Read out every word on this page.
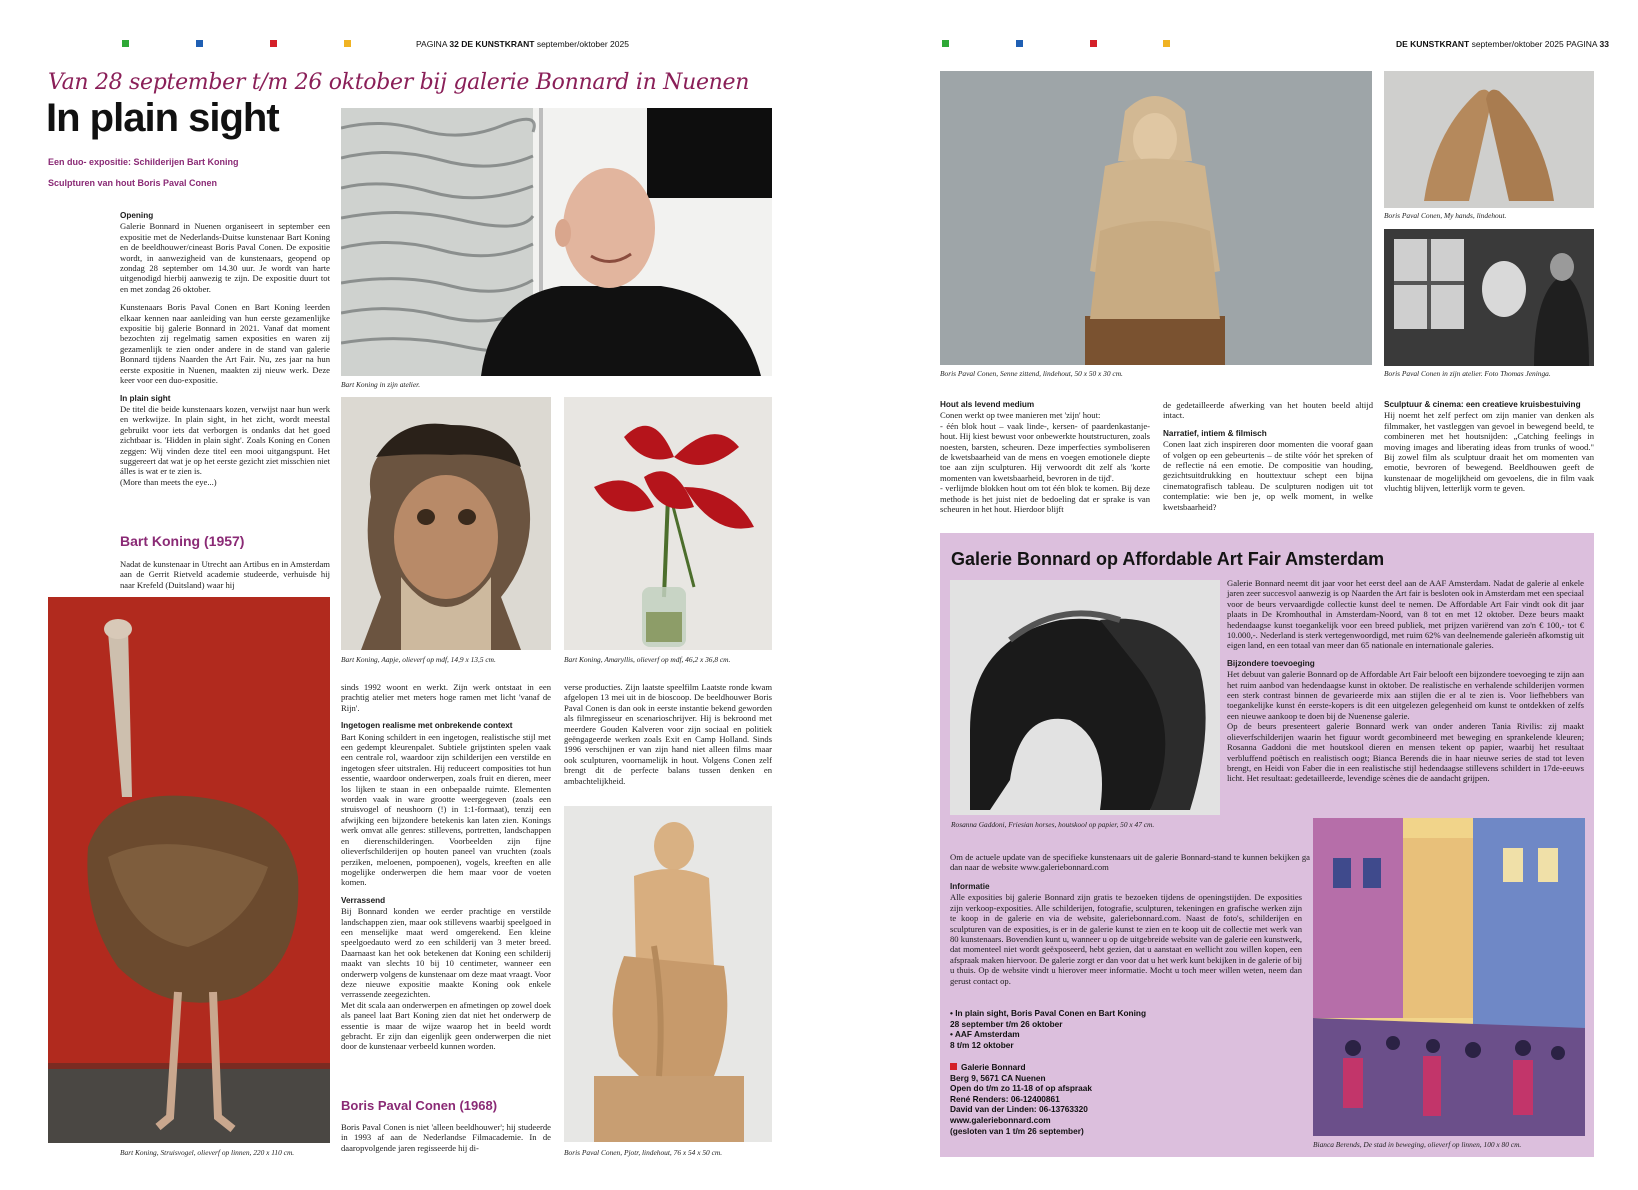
PAGINA 32 DE KUNSTKRANT september/oktober 2025
Van 28 september t/m 26 oktober bij galerie Bonnard in Nuenen
In plain sight
Een duo- expositie: Schilderijen Bart Koning
Sculpturen van hout Boris Paval Conen
Opening

Galerie Bonnard in Nuenen organiseert in september een expositie met de Nederlands-Duitse kunstenaar Bart Koning en de beeldhouwer/cineast Boris Paval Conen. De expositie wordt, in aanwezigheid van de kunstenaars, geopend op zondag 28 september om 14.30 uur. Je wordt van harte uitgenodigd hierbij aanwezig te zijn. De expositie duurt tot en met zondag 26 oktober.

Kunstenaars Boris Paval Conen en Bart Koning leerden elkaar kennen naar aanleiding van hun eerste gezamenlijke expositie bij galerie Bonnard in 2021. Vanaf dat moment bezochten zij regelmatig samen exposities en waren zij gezamenlijk te zien onder andere in de stand van galerie Bonnard tijdens Naarden the Art Fair. Nu, zes jaar na hun eerste expositie in Nuenen, maakten zij nieuw werk. Deze keer voor een duo-expositie.

In plain sight

De titel die beide kunstenaars kozen, verwijst naar hun werk en werkwijze. In plain sight, in het zicht, wordt meestal gebruikt voor iets dat verborgen is ondanks dat het goed zichtbaar is. 'Hidden in plain sight'. Zoals Koning en Conen zeggen: Wij vinden deze titel een mooi uitgangspunt. Het suggereert dat wat je op het eerste gezicht ziet misschien niet álles is wat er te zien is.

(More than meets the eye...)

Bart Koning (1957)
Nadat de kunstenaar in Utrecht aan Artibus en in Amsterdam aan de Gerrit Rietveld academie studeerde, verhuisde hij naar Krefeld (Duitsland) waar hij
Bart Koning in zijn atelier.
Bart Koning, Aapje, olieverf op mdf, 14,9 x 13,5 cm.	Bart Koning, Amaryllis, olieverf op mdf, 46,2 x 36,8 cm.
Bart Koning, Struisvogel, olieverf op linnen, 220 x 110 cm.

sinds 1992 woont en werkt. Zijn werk ontstaat in een prachtig atelier met meters hoge ramen met licht 'vanaf de Rijn'.

Ingetogen realisme met onbrekende context

Bart Koning schildert in een ingetogen, realistische stijl met een gedempt kleurenpalet. Subtiele grijstinten spelen vaak een centrale rol, waardoor zijn schilderijen een verstilde en ingetogen sfeer uitstralen. Hij reduceert composities tot hun essentie, waardoor onderwerpen, zoals fruit en dieren, meer los lijken te staan in een onbepaalde ruimte. Elementen worden vaak in ware grootte weergegeven (zoals een struisvogel of neushoorn (!) in 1:1-formaat), tenzij een afwijking een bijzondere betekenis kan laten zien. Konings werk omvat alle genres: stillevens, portretten, landschappen en dierenschilderingen. Voorbeelden zijn fijne olieverfschilderijen op houten paneel van vruchten (zoals perziken, meloenen, pompoenen), vogels, kreeften en alle mogelijke onderwerpen die hem maar voor de voeten komen.

Verrassend

Bij Bonnard konden we eerder prachtige en verstilde landschappen zien, maar ook stillevens waarbij speelgoed in een menselijke maat werd omgerekend. Een kleine speelgoedauto werd zo een schilderij van 3 meter breed. Daarnaast kan het ook betekenen dat Koning een schilderij maakt van slechts 10 bij 10 centimeter, wanneer een onderwerp volgens de kunstenaar om deze maat vraagt. Voor deze nieuwe expositie maakte Koning ook enkele verrassende zeegezichten.

Met dit scala aan onderwerpen en afmetingen op zowel doek als paneel laat Bart Koning zien dat niet het onderwerp de essentie is maar de wijze waarop het in beeld wordt gebracht. Er zijn dan eigenlijk geen onderwerpen die niet door de kunstenaar verbeeld kunnen worden.

Boris Paval Conen (1968)
Boris Paval Conen is niet 'alleen beeldhouwer'; hij studeerde in 1993 af aan de Nederlandse Filmacademie. In de daaropvolgende jaren regisseerde hij di-
verse producties. Zijn laatste speelfilm Laatste ronde kwam afgelopen 13 mei uit in de bioscoop. De beeldhouwer Boris Paval Conen is dan ook in eerste instantie bekend geworden als filmregisseur en scenarioschrijver. Hij is bekroond met meerdere Gouden Kalveren voor zijn sociaal en politiek geëngageerde werken zoals Exit en Camp Holland. Sinds 1996 verschijnen er van zijn hand niet alleen films maar ook sculpturen, voornamelijk in hout. Volgens Conen zelf brengt dit de perfecte balans tussen denken en ambachtelijkheid.
Boris Paval Conen, Pjotr, lindehout, 76 x 54 x 50 cm.
DE KUNSTKRANT september/oktober 2025 PAGINA 33
Boris Paval Conen, Senne zittend, lindehout, 50 x 50 x 30 cm.
Boris Paval Conen, My hands, lindehout.
Boris Paval Conen in zijn atelier. Foto Thomas Jeninga.
Hout als levend medium

Conen werkt op twee manieren met 'zijn' hout:
- één blok hout – vaak linde-, kersen- of paardenkastanje-hout. Hij kiest bewust voor onbewerkte houtstructuren, zoals noesten, barsten, scheuren. Deze imperfecties symboliseren de kwetsbaarheid van de mens en voegen emotionele diepte toe aan zijn sculpturen. Hij verwoordt dit zelf als 'korte momenten van kwetsbaarheid, bevroren in de tijd'.
- verlijmde blokken hout om tot één blok te komen. Bij deze methode is het juist niet de bedoeling dat er sprake is van scheuren in het hout. Hierdoor blijft

de gedetailleerde afwerking van het houten beeld altijd intact.

Narratief, intiem & filmisch

Conen laat zich inspireren door momenten die vooraf gaan of volgen op een gebeurtenis – de stilte vóór het spreken of de reflectie ná een emotie. De compositie van houding, gezichtsuitdrukking en houttextuur schept een bijna cinematografisch tableau. De sculpturen nodigen uit tot contemplatie: wie ben je, op welk moment, in welke kwetsbaarheid?

Sculptuur & cinema: een creatieve kruisbestuiving

Hij noemt het zelf perfect om zijn manier van denken als filmmaker, het vastleggen van gevoel in bewegend beeld, te combineren met het houtsnijden: „Catching feelings in moving images and liberating ideas from trunks of wood." Bij zowel film als sculptuur draait het om momenten van emotie, bevroren of bewegend. Beeldhouwen geeft de kunstenaar de mogelijkheid om gevoelens, die in film vaak vluchtig blijven, letterlijk vorm te geven.

Galerie Bonnard op Affordable Art Fair Amsterdam
Rosanna Gaddoni, Friesian horses, houtskool op papier, 50 x 47 cm.

Galerie Bonnard neemt dit jaar voor het eerst deel aan de AAF Amsterdam. Nadat de galerie al enkele jaren zeer succesvol aanwezig is op Naarden the Art fair is besloten ook in Amsterdam met een speciaal voor de beurs vervaardigde collectie kunst deel te nemen. De Affordable Art Fair vindt ook dit jaar plaats in De Kromhouthal in Amsterdam-Noord, van 8 tot en met 12 oktober. Deze beurs maakt hedendaagse kunst toegankelijk voor een breed publiek, met prijzen variërend van zo'n € 100,- tot € 10.000,-. Nederland is sterk vertegenwoordigd, met ruim 62% van deelnemende galerieën afkomstig uit eigen land, en een totaal van meer dan 65 nationale en internationale galeries.

Bijzondere toevoeging

Het debuut van galerie Bonnard op de Affordable Art Fair belooft een bijzondere toevoeging te zijn aan het ruim aanbod van hedendaagse kunst in oktober. De realistische en verhalende schilderijen vormen een sterk contrast binnen de gevarieerde mix aan stijlen die er al te zien is. Voor liefhebbers van toegankelijke kunst én eerste-kopers is dit een uitgelezen gelegenheid om kunst te ontdekken of zelfs een nieuwe aankoop te doen bij de Nuenense galerie.

Op de beurs presenteert galerie Bonnard werk van onder anderen Tania Rivilis: zij maakt olieverfschilderijen waarin het figuur wordt gecombineerd met beweging en sprankelende kleuren; Rosanna Gaddoni die met houtskool dieren en mensen tekent op papier, waarbij het resultaat verbluffend poëtisch en realistisch oogt; Bianca Berends die in haar nieuwe series de stad tot leven brengt, en Heidi von Faber die in een realistische stijl hedendaagse stillevens schildert in 17de-eeuws licht. Het resultaat: gedetailleerde, levendige scènes die de aandacht grijpen.

Om de actuele update van de specifieke kunstenaars uit de galerie Bonnard-stand te kunnen bekijken ga dan naar de website www.galeriebonnard.com
Informatie

Alle exposities bij galerie Bonnard zijn gratis te bezoeken tijdens de openingstijden. De exposities zijn verkoop-exposities. Alle schilderijen, fotografie, sculpturen, tekeningen en grafische werken zijn te koop in de galerie en via de website, galeriebonnard.com. Naast de foto's, schilderijen en sculpturen van de exposities, is er in de galerie kunst te zien en te koop uit de collectie met werk van 80 kunstenaars. Bovendien kunt u, wanneer u op de uitgebreide website van de galerie een kunstwerk, dat momenteel niet wordt geëxposeerd, hebt gezien, dat u aanstaat en wellicht zou willen kopen, een afspraak maken hiervoor. De galerie zorgt er dan voor dat u het werk kunt bekijken in de galerie of bij u thuis. Op de website vindt u hierover meer informatie. Mocht u toch meer willen weten, neem dan gerust contact op.

• In plain sight, Boris Paval Conen en Bart Koning
28 september t/m 26 oktober
• AAF Amsterdam
8 t/m 12 oktober
Galerie Bonnard
Berg 9, 5671 CA Nuenen
Open do t/m zo 11-18 of op afspraak
René Renders: 06-12400861
David van der Linden: 06-13763320
www.galeriebonnard.com
(gesloten van 1 t/m 26 september)
Bianca Berends, De stad in beweging, olieverf op linnen, 100 x 80 cm.
